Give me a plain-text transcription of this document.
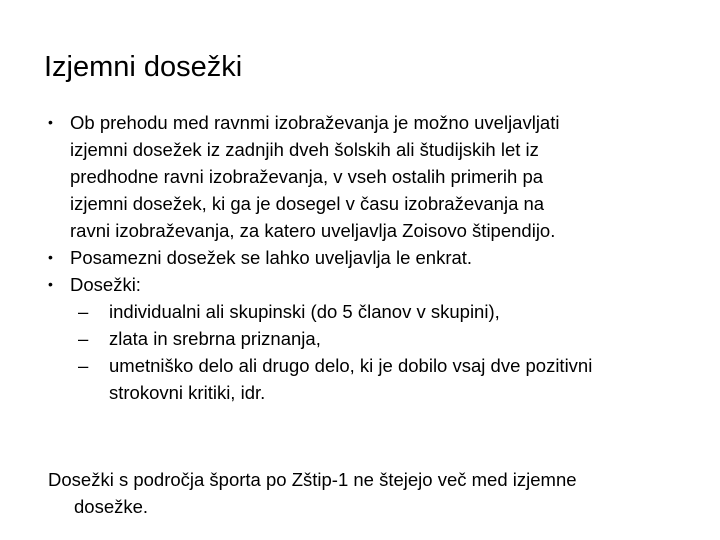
Izjemni dosežki
• Ob prehodu med ravnmi izobraževanja je možno uveljavljati
izjemni dosežek iz zadnjih dveh šolskih ali študijskih let iz
predhodne ravni izobraževanja, v vseh ostalih primerih pa
izjemni dosežek, ki ga je dosegel v času izobraževanja na
ravni izobraževanja, za katero uveljavlja Zoisovo štipendijo.
• Posamezni dosežek se lahko uveljavlja le enkrat.
• Dosežki:
– individualni ali skupinski (do 5 članov v skupini),
– zlata in srebrna priznanja,
– umetniško delo ali drugo delo, ki je dobilo vsaj dve pozitivni
strokovni kritiki, idr.

Dosežki s področja športa po Zštip-1 ne štejejo več med izjemne
dosežke.
